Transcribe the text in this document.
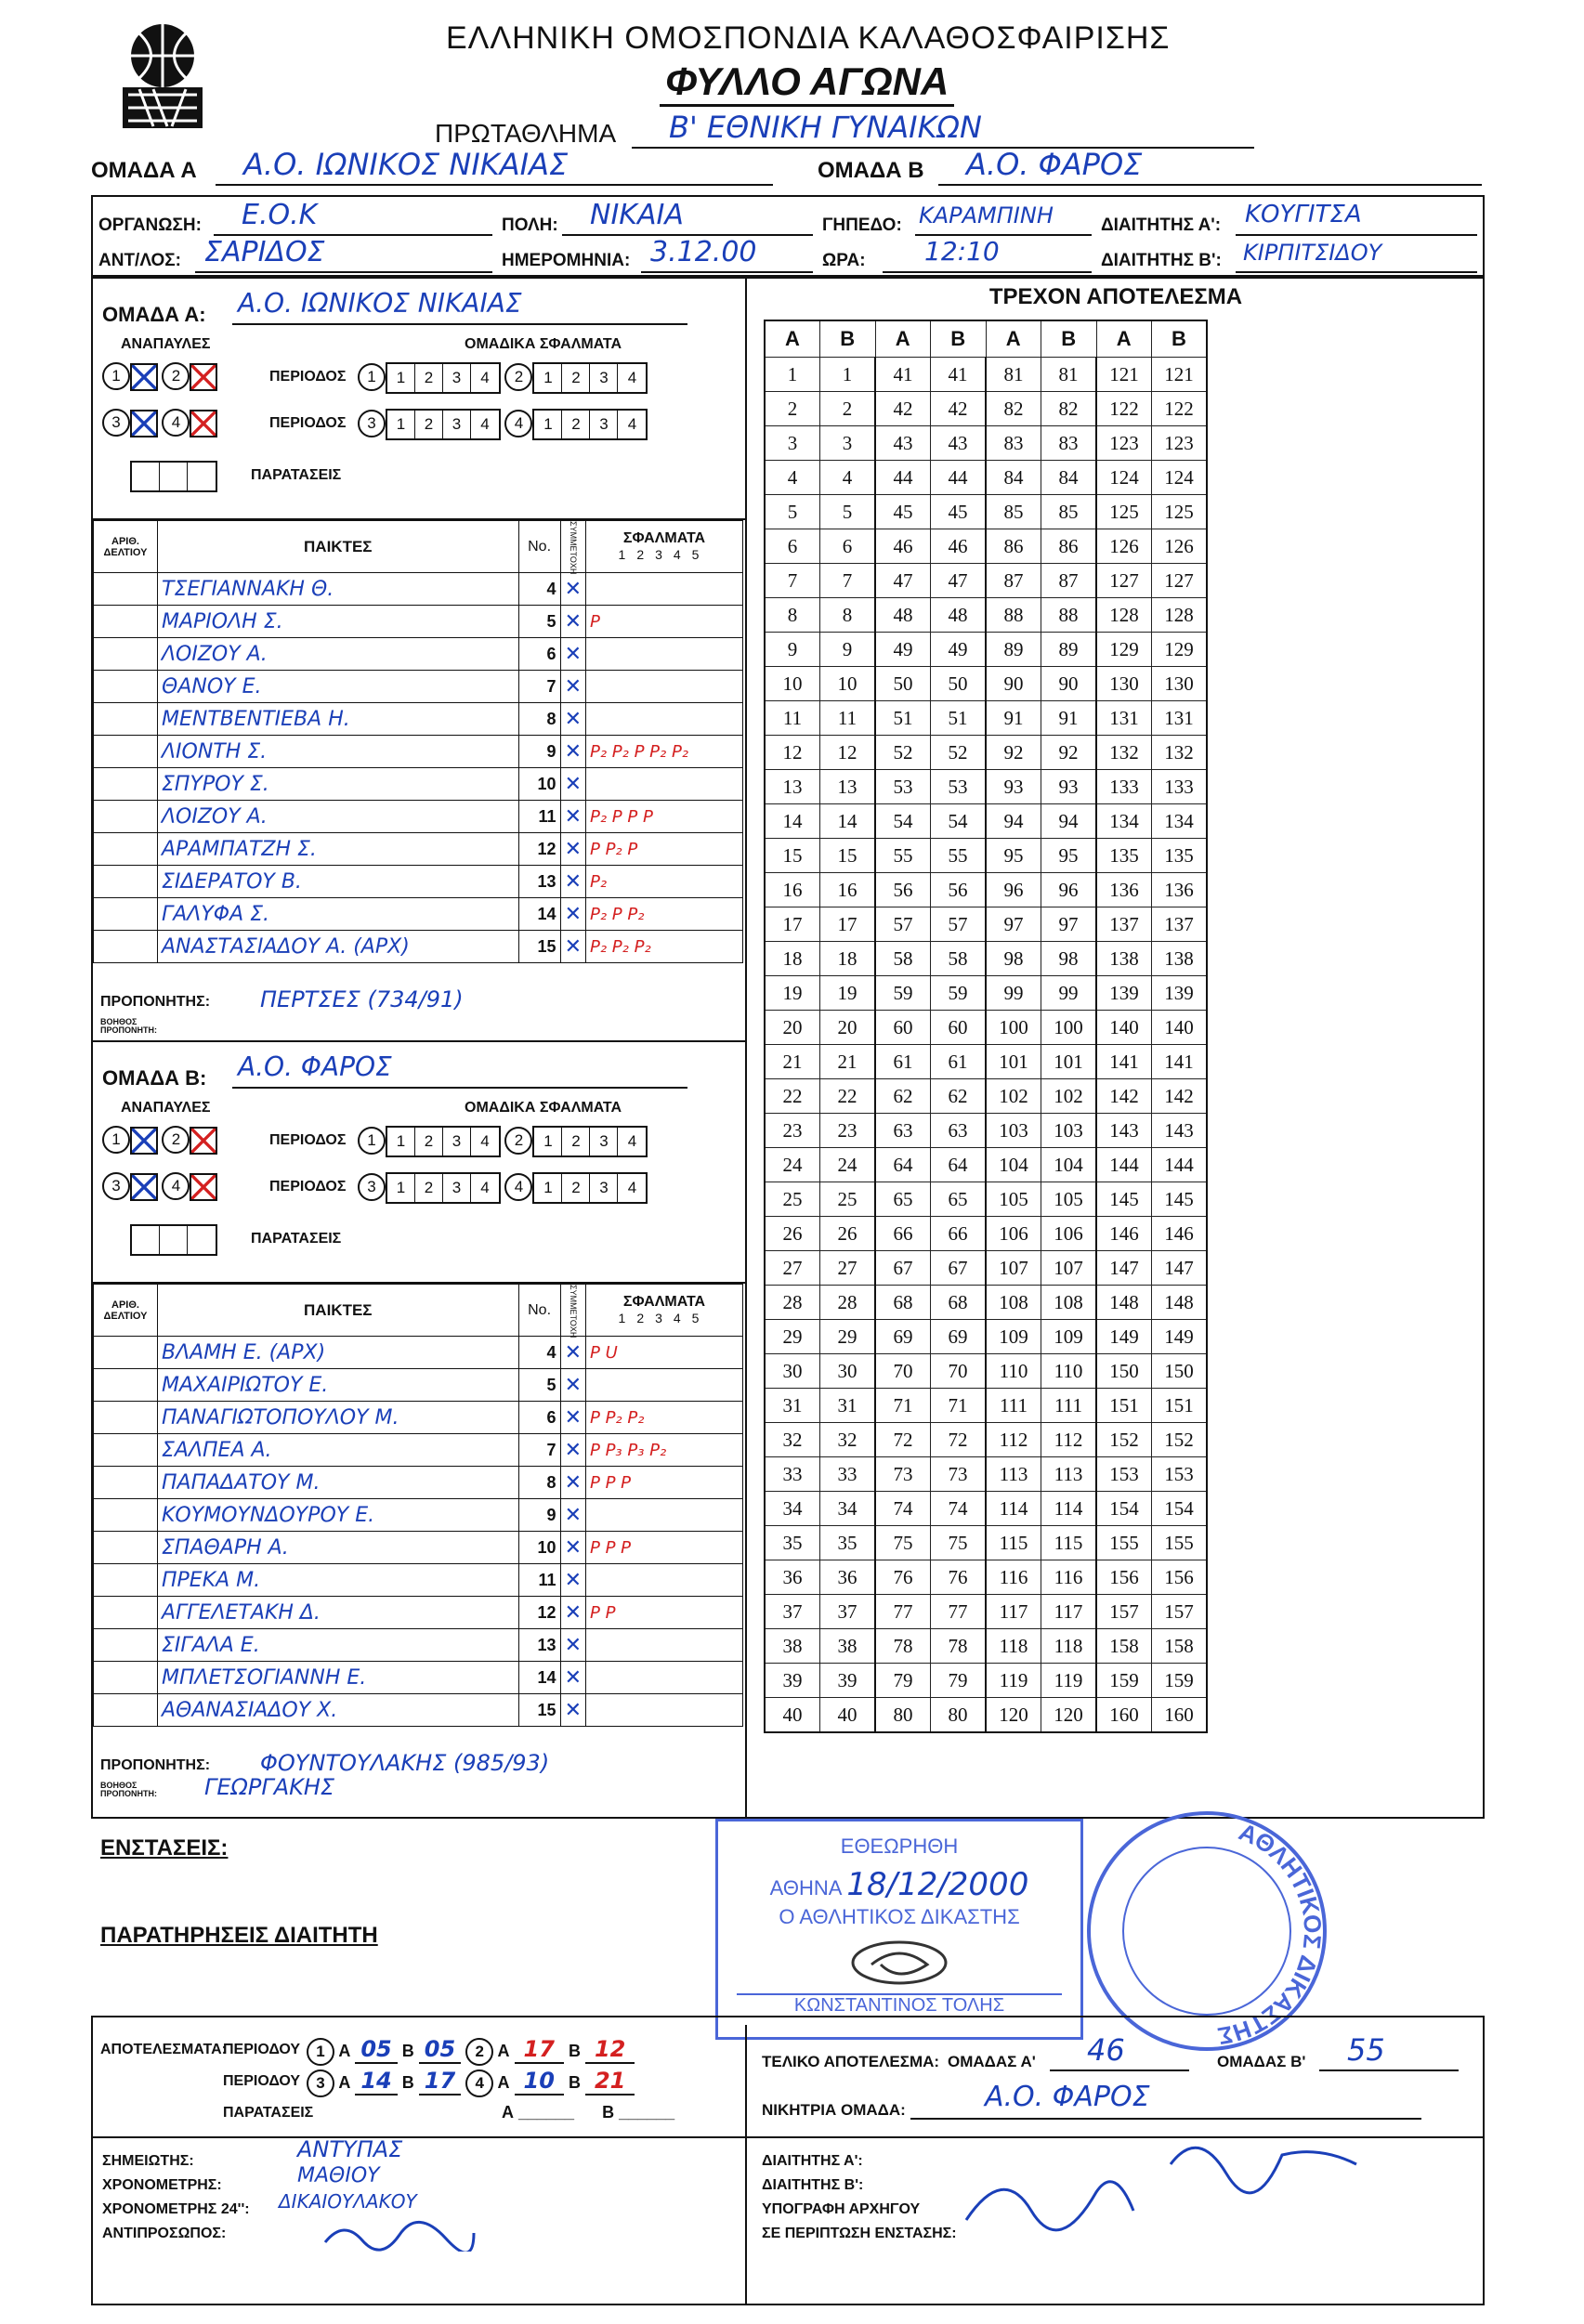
ΕΛΛΗΝΙΚΗ ΟΜΟΣΠΟΝΔΙΑ ΚΑΛΑΘΟΣΦΑΙΡΙΣΗΣ
ΦΥΛΛΟ ΑΓΩΝΑ
ΠΡΩΤΑΘΛΗΜΑ Β' ΕΘΝΙΚΗ ΓΥΝΑΙΚΩΝ
ΟΜΑΔΑ Α Α.Ο. ΙΩΝΙΚΟΣ ΝΙΚΑΙΑΣ	ΟΜΑΔΑ Β Α.Ο. ΦΑΡΟΣ
ΟΡΓΑΝΩΣΗ: Ε.Ο.Κ	ΠΟΛΗ: ΝΙΚΑΙΑ	ΓΗΠΕΔΟ: ΚΑΡΑΜΠΙΝΗ	ΔΙΑΙΤΗΤΗΣ Α': ΚΟΥΓΙΤΣΑ
ΑΝΤ/ΛΟΣ: ΣΑΡΙΔΟΣ	ΗΜΕΡΟΜΗΝΙΑ: 3.12.00	ΩΡΑ: 12:10	ΔΙΑΙΤΗΤΗΣ Β': ΚΙΡΠΙΤΣΙΔΟΥ
ΟΜΑΔΑ Α: Α.Ο. ΙΩΝΙΚΟΣ ΝΙΚΑΙΑΣ
ΑΝΑΠΑΥΛΕΣ	ΟΜΑΔΙΚΑ ΣΦΑΛΜΑΤΑ
1	2	ΠΕΡΙΟΔΟΣ	1 1 2 3 4 2 1 2 3 4
3	4	ΠΕΡΙΟΔΟΣ	3 1 2 3 4 4 1 2 3 4
ΠΑΡΑΤΑΣΕΙΣ
ΑΡΙΘ. ΔΕΛΤΙΟΥ	ΠΑΙΚΤΕΣ	No.	ΣΥΜΜΕΤΟΧΗ	ΣΦΑΛΜΑΤΑ
12345
	ΤΣΕΓΙΑΝΝΑΚΗ Θ.	4	✕	
	ΜΑΡΙΟΛΗ Σ.	5	✕	P
	ΛΟΙΖΟΥ Α.	6	✕	
	ΘΑΝΟΥ Ε.	7	✕	
	ΜΕΝΤΒΕΝΤΙΕΒΑ Η.	8	✕	
	ΛΙΟΝΤΗ Σ.	9	✕	P₂ P₂ P P₂ P₂
	ΣΠΥΡΟΥ Σ.	10	✕	
	ΛΟΙΖΟΥ Α.	11	✕	P₂ P P P
	ΑΡΑΜΠΑΤΖΗ Σ.	12	✕	P P₂ P
	ΣΙΔΕΡΑΤΟΥ Β.	13	✕	P₂
	ΓΑΛΥΦΑ Σ.	14	✕	P₂ P P₂
	ΑΝΑΣΤΑΣΙΑΔΟΥ Α. (ΑΡΧ)	15	✕	P₂ P₂ P₂
ΠΡΟΠΟΝΗΤΗΣ: ΠΕΡΤΣΕΣ (734/91)
ΒΟΗΘΟΣ ΠΡΟΠΟΝΗΤΗ:
ΟΜΑΔΑ Β: Α.Ο. ΦΑΡΟΣ
ΑΝΑΠΑΥΛΕΣ	ΟΜΑΔΙΚΑ ΣΦΑΛΜΑΤΑ
1	2	ΠΕΡΙΟΔΟΣ	1 1 2 3 4 2 1 2 3 4
3	4	ΠΕΡΙΟΔΟΣ	3 1 2 3 4 4 1 2 3 4
ΠΑΡΑΤΑΣΕΙΣ
ΑΡΙΘ. ΔΕΛΤΙΟΥ	ΠΑΙΚΤΕΣ	No.	ΣΥΜΜΕΤΟΧΗ	ΣΦΑΛΜΑΤΑ
12345
	ΒΛΑΜΗ Ε. (ΑΡΧ)	4	✕	P U
	ΜΑΧΑΙΡΙΩΤΟΥ Ε.	5	✕	
	ΠΑΝΑΓΙΩΤΟΠΟΥΛΟΥ Μ.	6	✕	P P₂ P₂
	ΣΑΛΠΕΑ Α.	7	✕	P P₃ P₃ P₂
	ΠΑΠΑΔΑΤΟΥ Μ.	8	✕	P P P
	ΚΟΥΜΟΥΝΔΟΥΡΟΥ Ε.	9	✕	
	ΣΠΑΘΑΡΗ Α.	10	✕	P P P
	ΠΡΕΚΑ Μ.	11	✕	
	ΑΓΓΕΛΕΤΑΚΗ Δ.	12	✕	P P
	ΣΙΓΑΛΑ Ε.	13	✕	
	ΜΠΛΕΤΣΟΓΙΑΝΝΗ Ε.	14	✕	
	ΑΘΑΝΑΣΙΑΔΟΥ Χ.	15	✕	
ΠΡΟΠΟΝΗΤΗΣ: ΦΟΥΝΤΟΥΛΑΚΗΣ (985/93)
ΒΟΗΘΟΣ ΠΡΟΠΟΝΗΤΗ: ΓΕΩΡΓΑΚΗΣ
ΤΡΕΧΟΝ ΑΠΟΤΕΛΕΣΜΑ
Α	Β	Α	Β	Α	Β	Α	Β
1	1	41	41	81	81	121	121
2	2	42	42	82	82	122	122
3	3	43	43	83	83	123	123
4	4	44	44	84	84	124	124
5	5	45	45	85	85	125	125
6	6	46	46	86	86	126	126
7	7	47	47	87	87	127	127
8	8	48	48	88	88	128	128
9	9	49	49	89	89	129	129
10	10	50	50	90	90	130	130
11	11	51	51	91	91	131	131
12	12	52	52	92	92	132	132
13	13	53	53	93	93	133	133
14	14	54	54	94	94	134	134
15	15	55	55	95	95	135	135
16	16	56	56	96	96	136	136
17	17	57	57	97	97	137	137
18	18	58	58	98	98	138	138
19	19	59	59	99	99	139	139
20	20	60	60	100	100	140	140
21	21	61	61	101	101	141	141
22	22	62	62	102	102	142	142
23	23	63	63	103	103	143	143
24	24	64	64	104	104	144	144
25	25	65	65	105	105	145	145
26	26	66	66	106	106	146	146
27	27	67	67	107	107	147	147
28	28	68	68	108	108	148	148
29	29	69	69	109	109	149	149
30	30	70	70	110	110	150	150
31	31	71	71	111	111	151	151
32	32	72	72	112	112	152	152
33	33	73	73	113	113	153	153
34	34	74	74	114	114	154	154
35	35	75	75	115	115	155	155
36	36	76	76	116	116	156	156
37	37	77	77	117	117	157	157
38	38	78	78	118	118	158	158
39	39	79	79	119	119	159	159
40	40	80	80	120	120	160	160
ΕΝΣΤΑΣΕΙΣ:
ΠΑΡΑΤΗΡΗΣΕΙΣ ΔΙΑΙΤΗΤΗ
ΕΘΕΩΡΗΘΗ
ΑΘΗΝΑ 18/12/2000
Ο ΑΘΛΗΤΙΚΟΣ ΔΙΚΑΣΤΗΣ
ΚΩΝΣΤΑΝΤΙΝΟΣ ΤΟΛΗΣ
ΑΘΛΗΤΙΚ ΔΙΚΑΣΤΗΣ
ΑΠΟΤΕΛΕΣΜΑΤΑ:
ΠΕΡΙΟΔΟΥ	1 Α 05 Β 05 2 Α 17 Β 12
ΠΕΡΙΟΔΟΥ	3 Α 14 Β 17 4 Α 10 Β 21
ΠΑΡΑΤΑΣΕΙΣ	Α ______      Β ______
ΤΕΛΙΚΟ ΑΠΟΤΕΛΕΣΜΑ: ΟΜΑΔΑΣ Α' 46	ΟΜΑΔΑΣ Β' 55
ΝΙΚΗΤΡΙΑ ΟΜΑΔΑ:	Α.Ο. ΦΑΡΟΣ
ΣΗΜΕΙΩΤΗΣ:	ΑΝΤΥΠΑΣ
ΧΡΟΝΟΜΕΤΡΗΣ:	ΜΑΘΙΟΥ
ΧΡΟΝΟΜΕΤΡΗΣ 24'': ΔΙΚΑΙΟΥΛΑΚΟΥ
ΑΝΤΙΠΡΟΣΩΠΟΣ:
ΔΙΑΙΤΗΤΗΣ Α':
ΔΙΑΙΤΗΤΗΣ Β':
ΥΠΟΓΡΑΦΗ ΑΡΧΗΓΟΥ
ΣΕ ΠΕΡΙΠΤΩΣΗ ΕΝΣΤΑΣΗΣ:
